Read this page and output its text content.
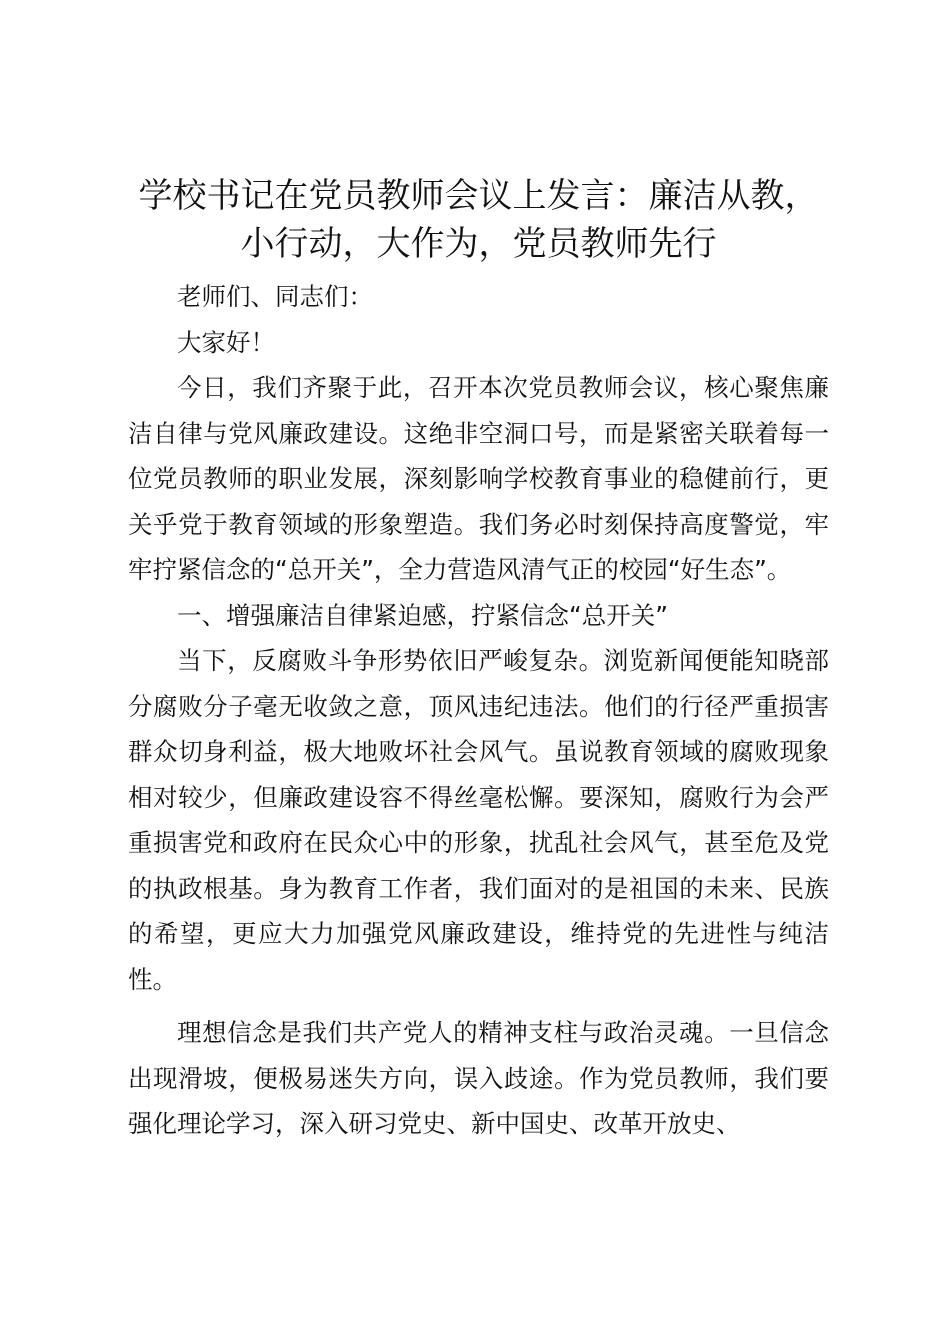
学校书记在党员教师会议上发言：廉洁从教，
小行动，大作为，党员教师先行

老师们、同志们：

大家好！

今日，我们齐聚于此，召开本次党员教师会议，核心聚焦廉洁自律与党风廉政建设。这绝非空洞口号，而是紧密关联着每一位党员教师的职业发展，深刻影响学校教育事业的稳健前行，更关乎党于教育领域的形象塑造。我们务必时刻保持高度警觉，牢牢拧紧信念的“总开关”，全力营造风清气正的校园“好生态”。

一、增强廉洁自律紧迫感，拧紧信念“总开关”

当下，反腐败斗争形势依旧严峻复杂。浏览新闻便能知晓部分腐败分子毫无收敛之意，顶风违纪违法。他们的行径严重损害群众切身利益，极大地败坏社会风气。虽说教育领域的腐败现象相对较少，但廉政建设容不得丝毫松懈。要深知，腐败行为会严重损害党和政府在民众心中的形象，扰乱社会风气，甚至危及党的执政根基。身为教育工作者，我们面对的是祖国的未来、民族的希望，更应大力加强党风廉政建设，维持党的先进性与纯洁性。

理想信念是我们共产党人的精神支柱与政治灵魂。一旦信念出现滑坡，便极易迷失方向，误入歧途。作为党员教师，我们要强化理论学习，深入研习党史、新中国史、改革开放史、
